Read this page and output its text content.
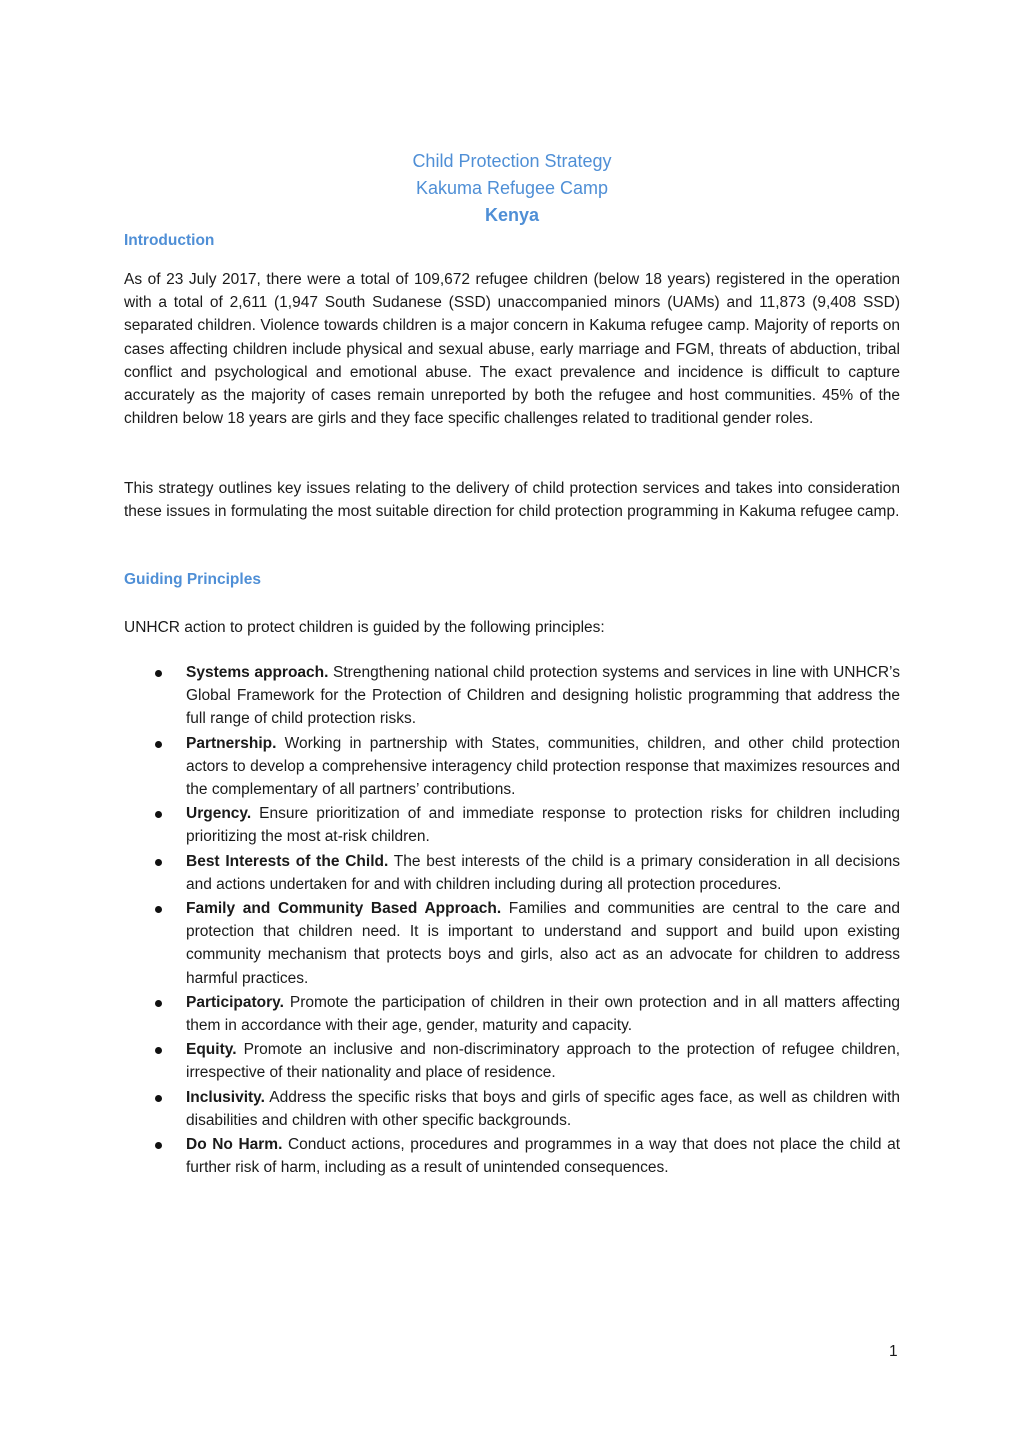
Child Protection Strategy
Kakuma Refugee Camp
Kenya
Introduction
As of 23 July 2017, there were a total of 109,672 refugee children (below 18 years) registered in the operation with a total of 2,611 (1,947 South Sudanese (SSD) unaccompanied minors (UAMs) and 11,873 (9,408 SSD) separated children. Violence towards children is a major concern in Kakuma refugee camp. Majority of reports on cases affecting children include physical and sexual abuse, early marriage and FGM, threats of abduction, tribal conflict and psychological and emotional abuse. The exact prevalence and incidence is difficult to capture accurately as the majority of cases remain unreported by both the refugee and host communities. 45% of the children below 18 years are girls and they face specific challenges related to traditional gender roles.
This strategy outlines key issues relating to the delivery of child protection services and takes into consideration these issues in formulating the most suitable direction for child protection programming in Kakuma refugee camp.
Guiding Principles
UNHCR action to protect children is guided by the following principles:
Systems approach. Strengthening national child protection systems and services in line with UNHCR’s Global Framework for the Protection of Children and designing holistic programming that address the full range of child protection risks.
Partnership. Working in partnership with States, communities, children, and other child protection actors to develop a comprehensive interagency child protection response that maximizes resources and the complementary of all partners’ contributions.
Urgency. Ensure prioritization of and immediate response to protection risks for children including prioritizing the most at-risk children.
Best Interests of the Child. The best interests of the child is a primary consideration in all decisions and actions undertaken for and with children including during all protection procedures.
Family and Community Based Approach. Families and communities are central to the care and protection that children need. It is important to understand and support and build upon existing community mechanism that protects boys and girls, also act as an advocate for children to address harmful practices.
Participatory. Promote the participation of children in their own protection and in all matters affecting them in accordance with their age, gender, maturity and capacity.
Equity. Promote an inclusive and non-discriminatory approach to the protection of refugee children, irrespective of their nationality and place of residence.
Inclusivity. Address the specific risks that boys and girls of specific ages face, as well as children with disabilities and children with other specific backgrounds.
Do No Harm. Conduct actions, procedures and programmes in a way that does not place the child at further risk of harm, including as a result of unintended consequences.
1
